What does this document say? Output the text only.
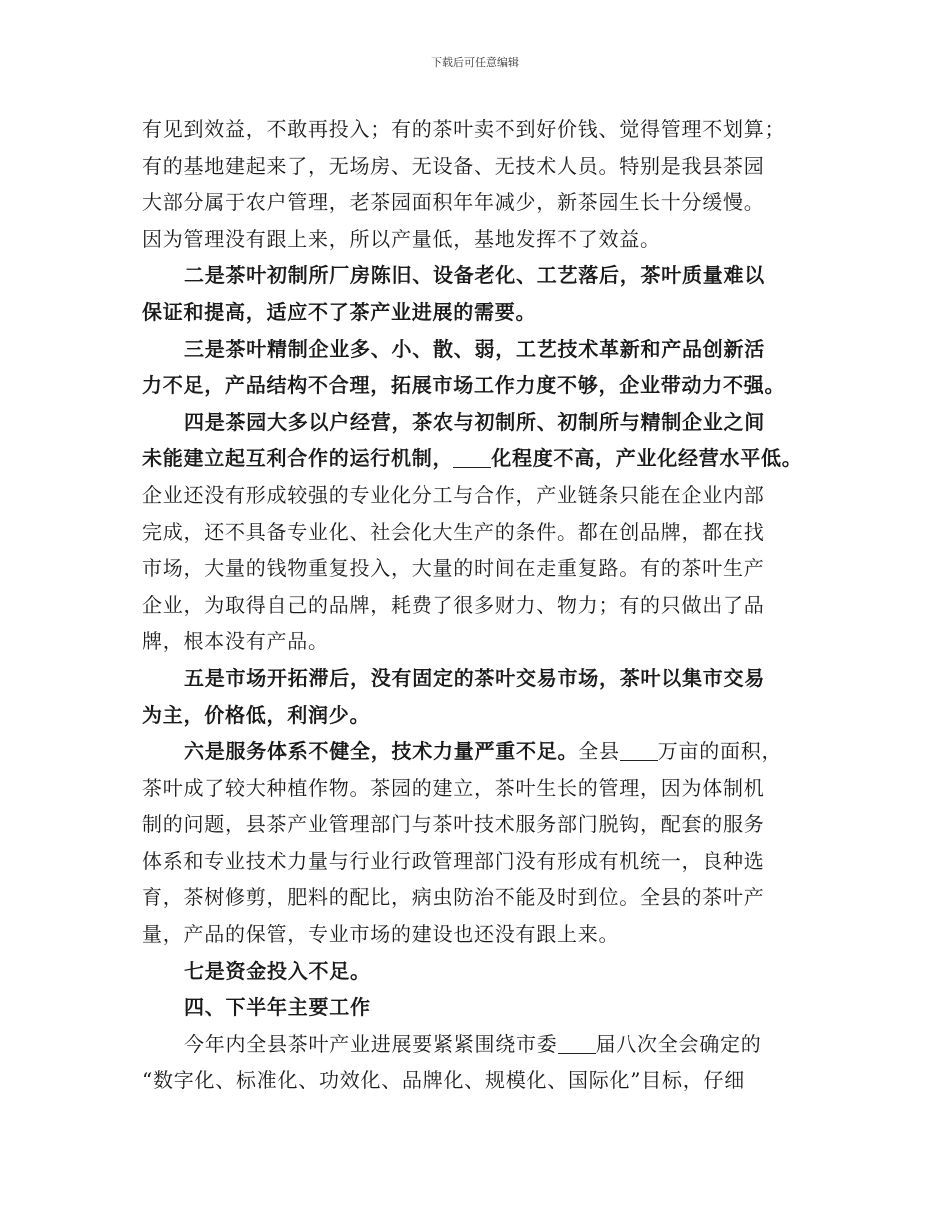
下载后可任意编辑

有见到效益，不敢再投入；有的茶叶卖不到好价钱、觉得管理不划算；
有的基地建起来了，无场房、无设备、无技术人员。特别是我县茶园
大部分属于农户管理，老茶园面积年年减少，新茶园生长十分缓慢。
因为管理没有跟上来，所以产量低，基地发挥不了效益。

二是茶叶初制所厂房陈旧、设备老化、工艺落后，茶叶质量难以
保证和提高，适应不了茶产业进展的需要。

三是茶叶精制企业多、小、散、弱，工艺技术革新和产品创新活
力不足，产品结构不合理，拓展市场工作力度不够，企业带动力不强。

四是茶园大多以户经营，茶农与初制所、初制所与精制企业之间
未能建立起互利合作的运行机制， 化程度不高，产业化经营水平低。
企业还没有形成较强的专业化分工与合作，产业链条只能在企业内部
完成，还不具备专业化、社会化大生产的条件。都在创品牌，都在找
市场，大量的钱物重复投入，大量的时间在走重复路。有的茶叶生产
企业，为取得自己的品牌，耗费了很多财力、物力；有的只做出了品
牌，根本没有产品。

五是市场开拓滞后，没有固定的茶叶交易市场，茶叶以集市交易
为主，价格低，利润少。

六是服务体系不健全，技术力量严重不足。全县 万亩的面积，
茶叶成了较大种植作物。茶园的建立，茶叶生长的管理，因为体制机
制的问题，县茶产业管理部门与茶叶技术服务部门脱钩，配套的服务
体系和专业技术力量与行业行政管理部门没有形成有机统一，良种选
育，茶树修剪，肥料的配比，病虫防治不能及时到位。全县的茶叶产
量，产品的保管，专业市场的建设也还没有跟上来。

七是资金投入不足。

四、下半年主要工作

今年内全县茶叶产业进展要紧紧围绕市委 届八次全会确定的
“数字化、标准化、功效化、品牌化、规模化、国际化”目标，仔细
